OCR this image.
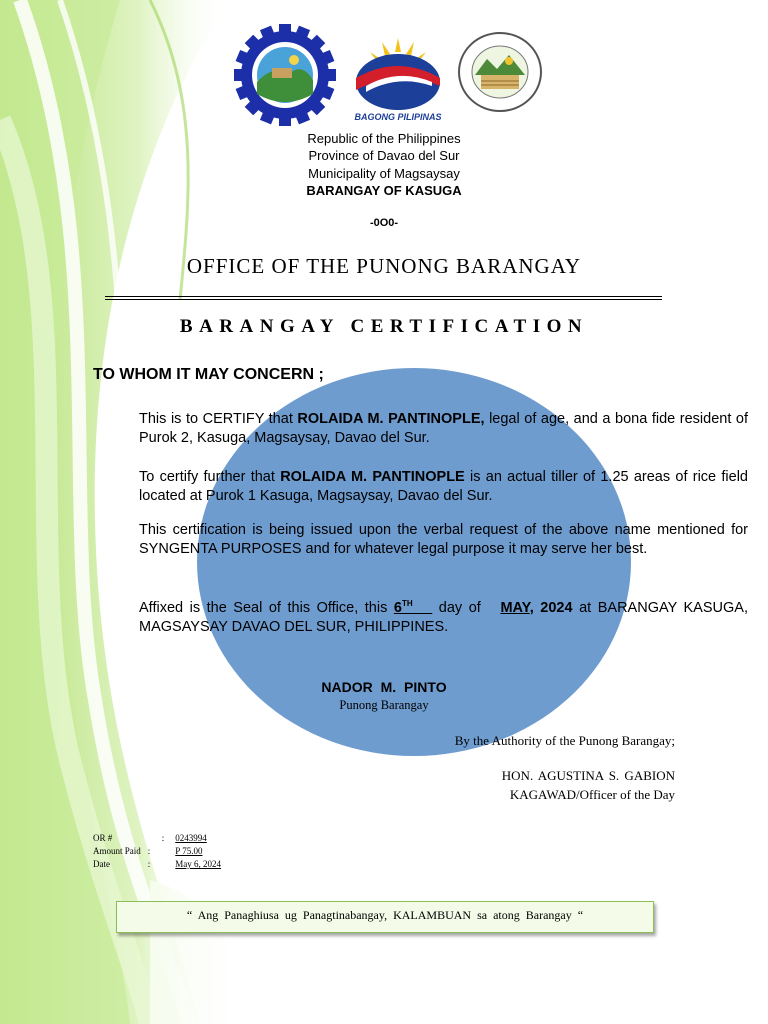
BAGONG PILIPINAS
Republic of the Philippines
Province of Davao del Sur
Municipality of Magsaysay
BARANGAY OF KASUGA
-0O0-
OFFICE OF THE PUNONG BARANGAY
BARANGAY CERTIFICATION
TO WHOM IT MAY CONCERN ;
This is to CERTIFY that ROLAIDA M. PANTINOPLE, legal of age, and a bona fide resident of Purok 2, Kasuga, Magsaysay, Davao del Sur.
To certify further that ROLAIDA M. PANTINOPLE is an actual tiller of 1.25 areas of rice field located at Purok 1 Kasuga, Magsaysay, Davao del Sur.
This certification is being issued upon the verbal request of the above name mentioned for SYNGENTA PURPOSES and for whatever legal purpose it may serve her best.
Affixed is the Seal of this Office, this 6TH    day of   MAY, 2024 at BARANGAY KASUGA, MAGSAYSAY DAVAO DEL SUR, PHILIPPINES.
NADOR M. PINTO
Punong Barangay
By the Authority of the Punong Barangay;
HON. AGUSTINA S. GABION
KAGAWAD/Officer of the Day
OR #	:	0243994
Amount Paid	:	P 75.00
Date	:	May 6, 2024
“ Ang Panaghiusa ug Panagtinabangay, KALAMBUAN sa atong Barangay “
